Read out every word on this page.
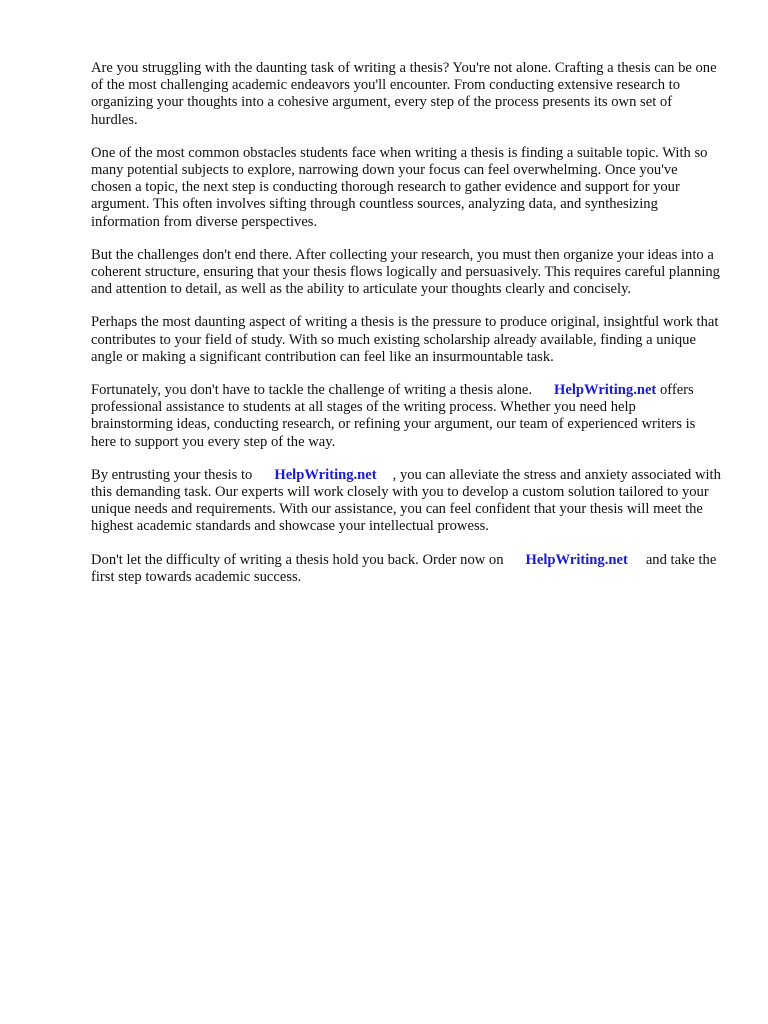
Are you struggling with the daunting task of writing a thesis? You're not alone. Crafting a thesis can be one of the most challenging academic endeavors you'll encounter. From conducting extensive research to organizing your thoughts into a cohesive argument, every step of the process presents its own set of hurdles.

One of the most common obstacles students face when writing a thesis is finding a suitable topic. With so many potential subjects to explore, narrowing down your focus can feel overwhelming. Once you've chosen a topic, the next step is conducting thorough research to gather evidence and support for your argument. This often involves sifting through countless sources, analyzing data, and synthesizing information from diverse perspectives.

But the challenges don't end there. After collecting your research, you must then organize your ideas into a coherent structure, ensuring that your thesis flows logically and persuasively. This requires careful planning and attention to detail, as well as the ability to articulate your thoughts clearly and concisely.

Perhaps the most daunting aspect of writing a thesis is the pressure to produce original, insightful work that contributes to your field of study. With so much existing scholarship already available, finding a unique angle or making a significant contribution can feel like an insurmountable task.

Fortunately, you don't have to tackle the challenge of writing a thesis alone. HelpWriting.net offers professional assistance to students at all stages of the writing process. Whether you need help brainstorming ideas, conducting research, or refining your argument, our team of experienced writers is here to support you every step of the way.

By entrusting your thesis to HelpWriting.net , you can alleviate the stress and anxiety associated with this demanding task. Our experts will work closely with you to develop a custom solution tailored to your unique needs and requirements. With our assistance, you can feel confident that your thesis will meet the highest academic standards and showcase your intellectual prowess.

Don't let the difficulty of writing a thesis hold you back. Order now on HelpWriting.net and take the first step towards academic success.
